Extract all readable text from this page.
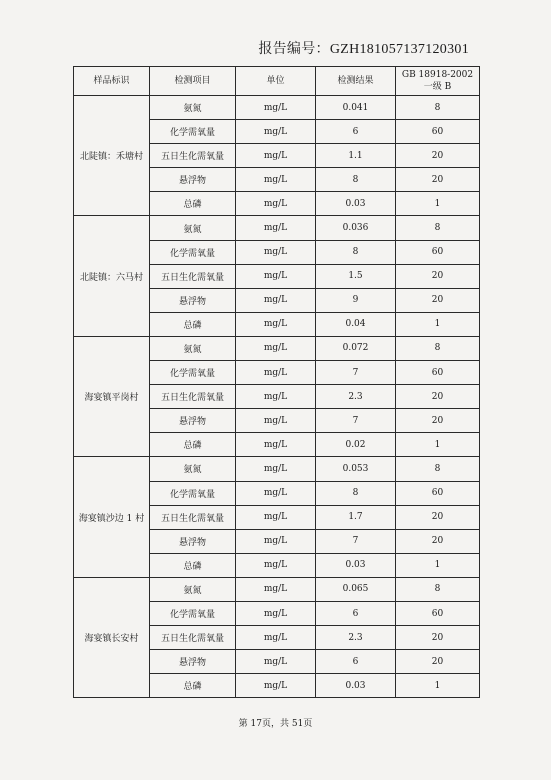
报告编号：GZH181057137120301
样品标识	检测项目	单位	检测结果	GB 18918-2002
一级 B
北陡镇：禾塘村	氨氮	mg/L	0.041	8
	化学需氧量	mg/L	6	60
	五日生化需氧量	mg/L	1.1	20
	悬浮物	mg/L	8	20
	总磷	mg/L	0.03	1
北陡镇：六马村	氨氮	mg/L	0.036	8
	化学需氧量	mg/L	8	60
	五日生化需氧量	mg/L	1.5	20
	悬浮物	mg/L	9	20
	总磷	mg/L	0.04	1
海宴镇平岗村	氨氮	mg/L	0.072	8
	化学需氧量	mg/L	7	60
	五日生化需氧量	mg/L	2.3	20
	悬浮物	mg/L	7	20
	总磷	mg/L	0.02	1
海宴镇沙边 1 村	氨氮	mg/L	0.053	8
	化学需氧量	mg/L	8	60
	五日生化需氧量	mg/L	1.7	20
	悬浮物	mg/L	7	20
	总磷	mg/L	0.03	1
海宴镇长安村	氨氮	mg/L	0.065	8
	化学需氧量	mg/L	6	60
	五日生化需氧量	mg/L	2.3	20
	悬浮物	mg/L	6	20
	总磷	mg/L	0.03	1
第 17页，共 51页
